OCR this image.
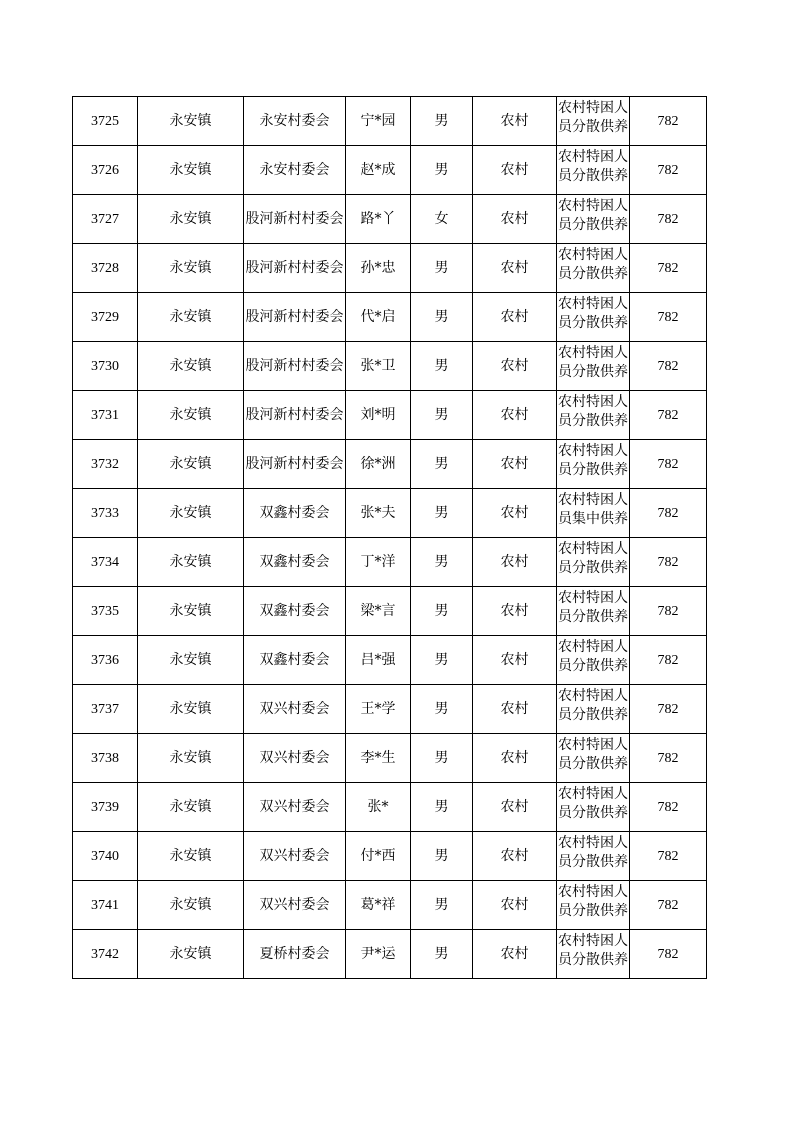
3725	永安镇	永安村委会	宁*园	男	农村	农村特困人员分散供养	782
3726	永安镇	永安村委会	赵*成	男	农村	农村特困人员分散供养	782
3727	永安镇	股河新村村委会	路*丫	女	农村	农村特困人员分散供养	782
3728	永安镇	股河新村村委会	孙*忠	男	农村	农村特困人员分散供养	782
3729	永安镇	股河新村村委会	代*启	男	农村	农村特困人员分散供养	782
3730	永安镇	股河新村村委会	张*卫	男	农村	农村特困人员分散供养	782
3731	永安镇	股河新村村委会	刘*明	男	农村	农村特困人员分散供养	782
3732	永安镇	股河新村村委会	徐*洲	男	农村	农村特困人员分散供养	782
3733	永安镇	双鑫村委会	张*夫	男	农村	农村特困人员集中供养	782
3734	永安镇	双鑫村委会	丁*洋	男	农村	农村特困人员分散供养	782
3735	永安镇	双鑫村委会	梁*言	男	农村	农村特困人员分散供养	782
3736	永安镇	双鑫村委会	吕*强	男	农村	农村特困人员分散供养	782
3737	永安镇	双兴村委会	王*学	男	农村	农村特困人员分散供养	782
3738	永安镇	双兴村委会	李*生	男	农村	农村特困人员分散供养	782
3739	永安镇	双兴村委会	张*	男	农村	农村特困人员分散供养	782
3740	永安镇	双兴村委会	付*西	男	农村	农村特困人员分散供养	782
3741	永安镇	双兴村委会	葛*祥	男	农村	农村特困人员分散供养	782
3742	永安镇	夏桥村委会	尹*运	男	农村	农村特困人员分散供养	782
